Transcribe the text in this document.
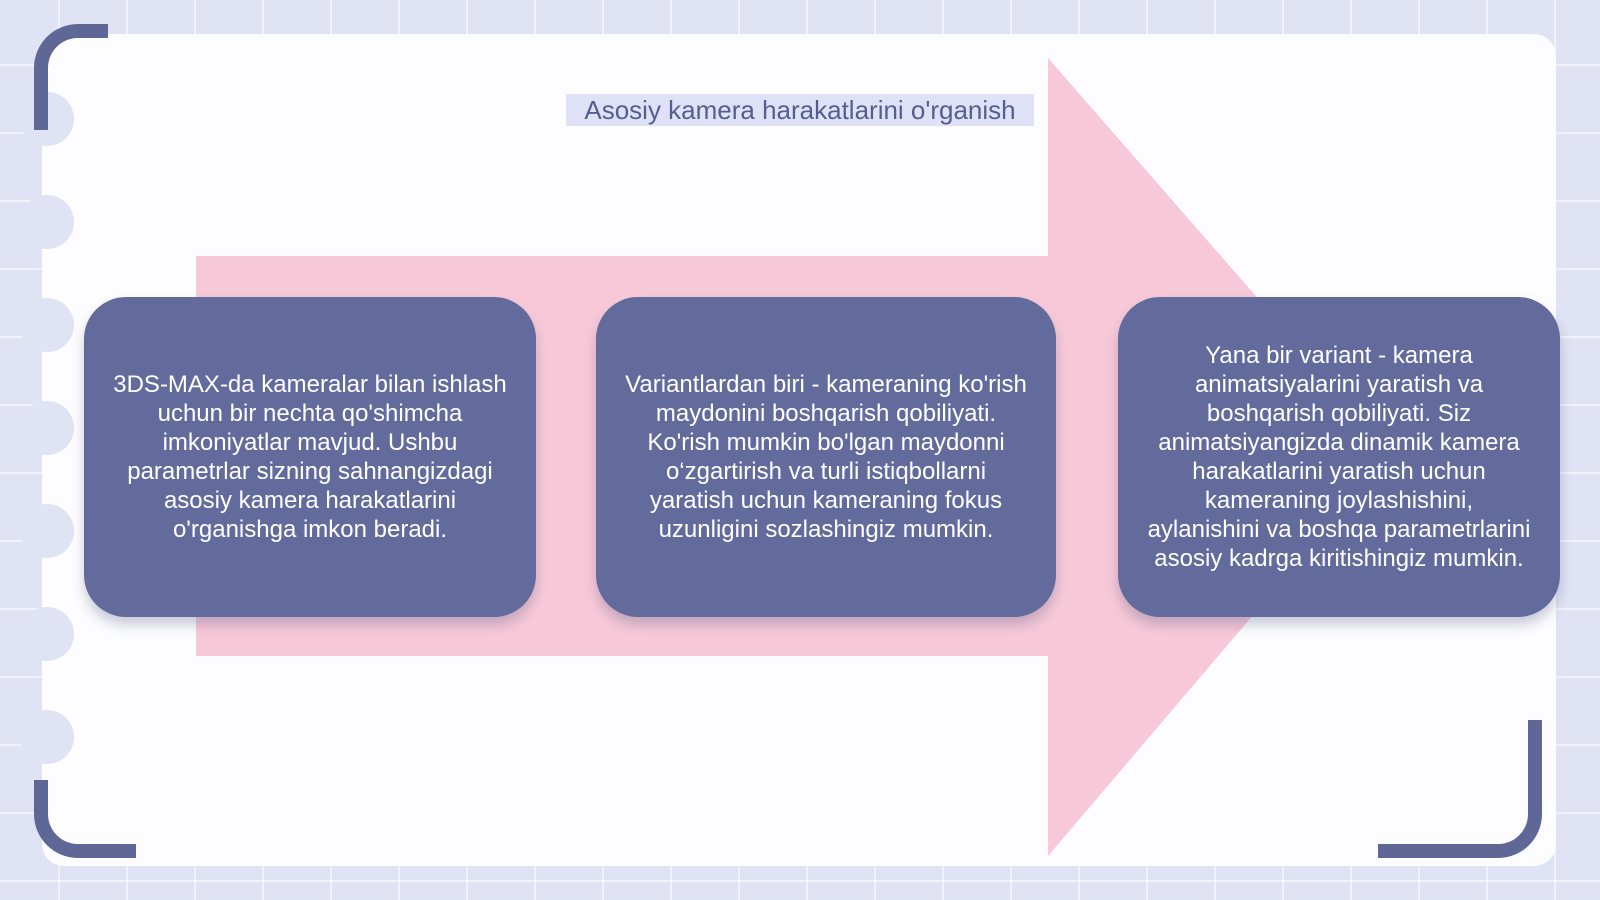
Asosiy kamera harakatlarini o'rganish

3DS-MAX-da kameralar bilan ishlash uchun bir nechta qo'shimcha imkoniyatlar mavjud. Ushbu parametrlar sizning sahnangizdagi asosiy kamera harakatlarini o'rganishga imkon beradi.

Variantlardan biri - kameraning ko'rish maydonini boshqarish qobiliyati. Ko'rish mumkin bo'lgan maydonni o‘zgartirish va turli istiqbollarni yaratish uchun kameraning fokus uzunligini sozlashingiz mumkin.

Yana bir variant - kamera animatsiyalarini yaratish va boshqarish qobiliyati. Siz animatsiyangizda dinamik kamera harakatlarini yaratish uchun kameraning joylashishini, aylanishini va boshqa parametrlarini asosiy kadrga kiritishingiz mumkin.
